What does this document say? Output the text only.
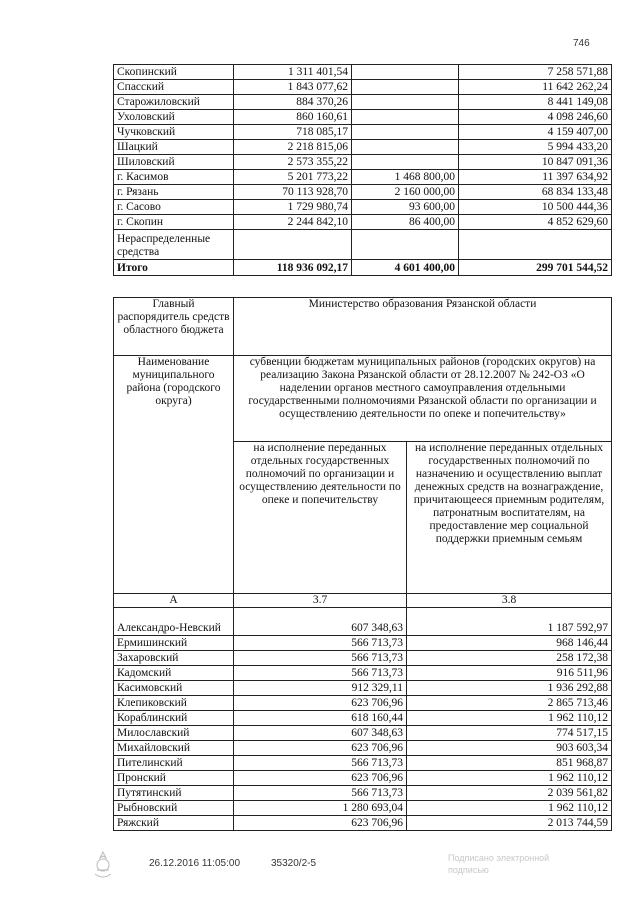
746
Скопинский	1 311 401,54		7 258 571,88
Спасский	1 843 077,62		11 642 262,24
Старожиловский	884 370,26		8 441 149,08
Ухоловский	860 160,61		4 098 246,60
Чучковский	718 085,17		4 159 407,00
Шацкий	2 218 815,06		5 994 433,20
Шиловский	2 573 355,22		10 847 091,36
г. Касимов	5 201 773,22	1 468 800,00	11 397 634,92
г. Рязань	70 113 928,70	2 160 000,00	68 834 133,48
г. Сасово	1 729 980,74	93 600,00	10 500 444,36
г. Скопин	2 244 842,10	86 400,00	4 852 629,60
Нераспределенные средства			
Итого	118 936 092,17	4 601 400,00	299 701 544,52
Главный распорядитель средств областного бюджета	Министерство образования Рязанской области	
Наименование муниципального района (городского округа)	субвенции бюджетам муниципальных районов (городских округов) на реализацию Закона Рязанской области от 28.12.2007 № 242-ОЗ «О наделении органов местного самоуправления отдельными государственными полномочиями Рязанской области по организации и осуществлению деятельности по опеке и попечительству»	
	на исполнение переданных отдельных государственных полномочий по организации и осуществлению деятельности по опеке и попечительству	на исполнение переданных отдельных государственных полномочий по назначению и осуществлению выплат денежных средств на вознаграждение, причитающееся приемным родителям, патронатным воспитателям, на предоставление мер социальной поддержки приемным семьям
А	3.7	3.8
Александро-Невский	607 348,63	1 187 592,97
Ермишинский	566 713,73	968 146,44
Захаровский	566 713,73	258 172,38
Кадомский	566 713,73	916 511,96
Касимовский	912 329,11	1 936 292,88
Клепиковский	623 706,96	2 865 713,46
Кораблинский	618 160,44	1 962 110,12
Милославский	607 348,63	774 517,15
Михайловский	623 706,96	903 603,34
Пителинский	566 713,73	851 968,87
Пронский	623 706,96	1 962 110,12
Путятинский	566 713,73	2 039 561,82
Рыбновский	1 280 693,04	1 962 110,12
Ряжский	623 706,96	2 013 744,59
26.12.2016 11:05:00	35320/2-5	Подписано электронной подписью
